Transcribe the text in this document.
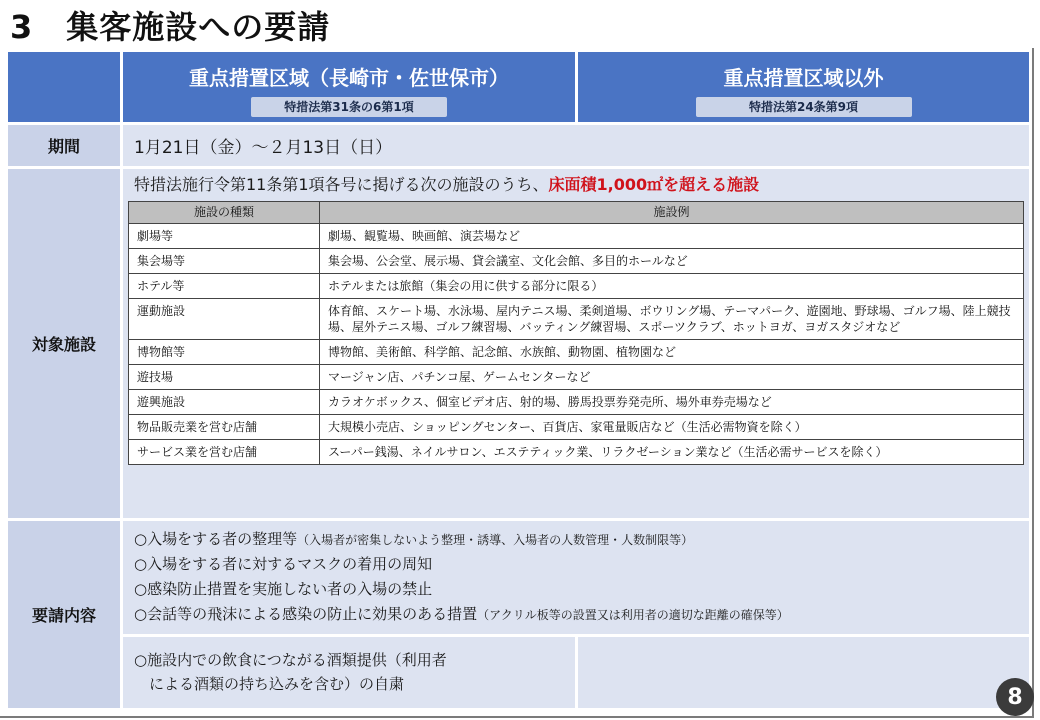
3　集客施設への要請
重点措置区域（長崎市・佐世保市）
特措法第31条の6第1項
重点措置区域以外
特措法第24条第9項
期間	1月21日（金）～２月13日（日）
対象施設
特措法施行令第11条第1項各号に掲げる次の施設のうち、床面積1,000㎡を超える施設
施設の種類	施設例
劇場等	劇場、観覧場、映画館、演芸場など
集会場等	集会場、公会堂、展示場、貸会議室、文化会館、多目的ホールなど
ホテル等	ホテルまたは旅館（集会の用に供する部分に限る）
運動施設	体育館、スケート場、水泳場、屋内テニス場、柔剣道場、ボウリング場、テーマパーク、遊園地、野球場、ゴルフ場、陸上競技場、屋外テニス場、ゴルフ練習場、バッティング練習場、スポーツクラブ、ホットヨガ、ヨガスタジオなど
博物館等	博物館、美術館、科学館、記念館、水族館、動物園、植物園など
遊技場	マージャン店、パチンコ屋、ゲームセンターなど
遊興施設	カラオケボックス、個室ビデオ店、射的場、勝馬投票券発売所、場外車券売場など
物品販売業を営む店舗	大規模小売店、ショッピングセンター、百貨店、家電量販店など（生活必需物資を除く）
サービス業を営む店舗	スーパー銭湯、ネイルサロン、エステティック業、リラクゼーション業など（生活必需サービスを除く）
要請内容
○入場をする者の整理等（入場者が密集しないよう整理・誘導、入場者の人数管理・人数制限等）
○入場をする者に対するマスクの着用の周知
○感染防止措置を実施しない者の入場の禁止
○会話等の飛沫による感染の防止に効果のある措置（アクリル板等の設置又は利用者の適切な距離の確保等）
○施設内での飲食につながる酒類提供（利用者
　による酒類の持ち込みを含む）の自粛
8
